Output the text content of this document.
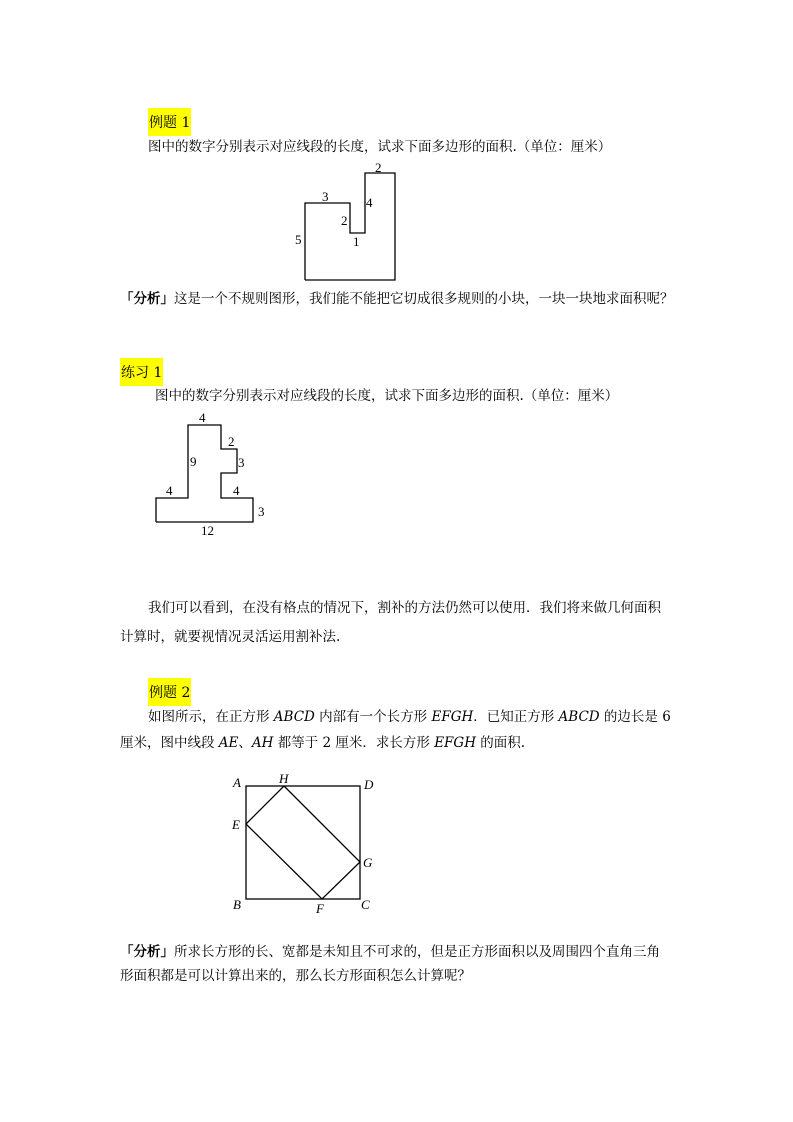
例题 1
图中的数字分别表示对应线段的长度，试求下面多边形的面积.（单位：厘米）
2
3	4
2
1
5
「分析」这是一个不规则图形，我们能不能把它切成很多规则的小块，一块一块地求面积呢？
练习 1
图中的数字分别表示对应线段的长度，试求下面多边形的面积.（单位：厘米）
4
2
9	3
4	4
3
12
我们可以看到，在没有格点的情况下，割补的方法仍然可以使用．我们将来做几何面积
计算时，就要视情况灵活运用割补法.
例题 2
如图所示，在正方形 ABCD 内部有一个长方形 EFGH．已知正方形 ABCD 的边长是 6
厘米，图中线段 AE、AH 都等于 2 厘米．求长方形 EFGH 的面积.
A	H	D
E
G
B	F	C
「分析」所求长方形的长、宽都是未知且不可求的，但是正方形面积以及周围四个直角三角
形面积都是可以计算出来的，那么长方形面积怎么计算呢？
